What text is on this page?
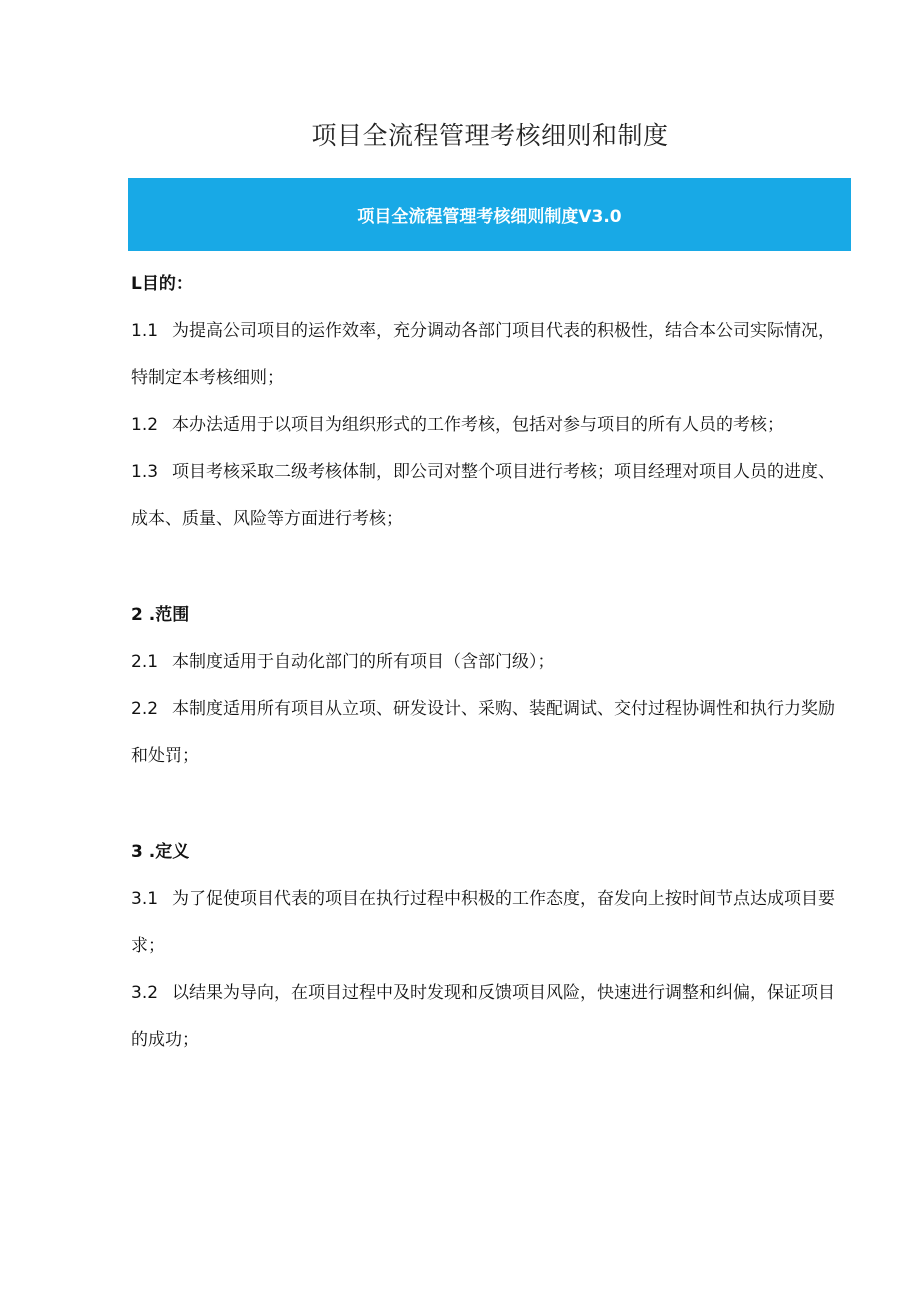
项目全流程管理考核细则和制度
项目全流程管理考核细则制度V3.0

L目的：

1.1 为提高公司项目的运作效率，充分调动各部门项目代表的积极性，结合本公司实际情况，特制定本考核细则；

1.2 本办法适用于以项目为组织形式的工作考核，包括对参与项目的所有人员的考核；

1.3 项目考核采取二级考核体制，即公司对整个项目进行考核；项目经理对项目人员的进度、成本、质量、风险等方面进行考核；

2 .范围

2.1 本制度适用于自动化部门的所有项目（含部门级）；

2.2 本制度适用所有项目从立项、研发设计、采购、装配调试、交付过程协调性和执行力奖励和处罚；

3 .定义

3.1 为了促使项目代表的项目在执行过程中积极的工作态度，奋发向上按时间节点达成项目要求；

3.2 以结果为导向，在项目过程中及时发现和反馈项目风险，快速进行调整和纠偏，保证项目的成功；
